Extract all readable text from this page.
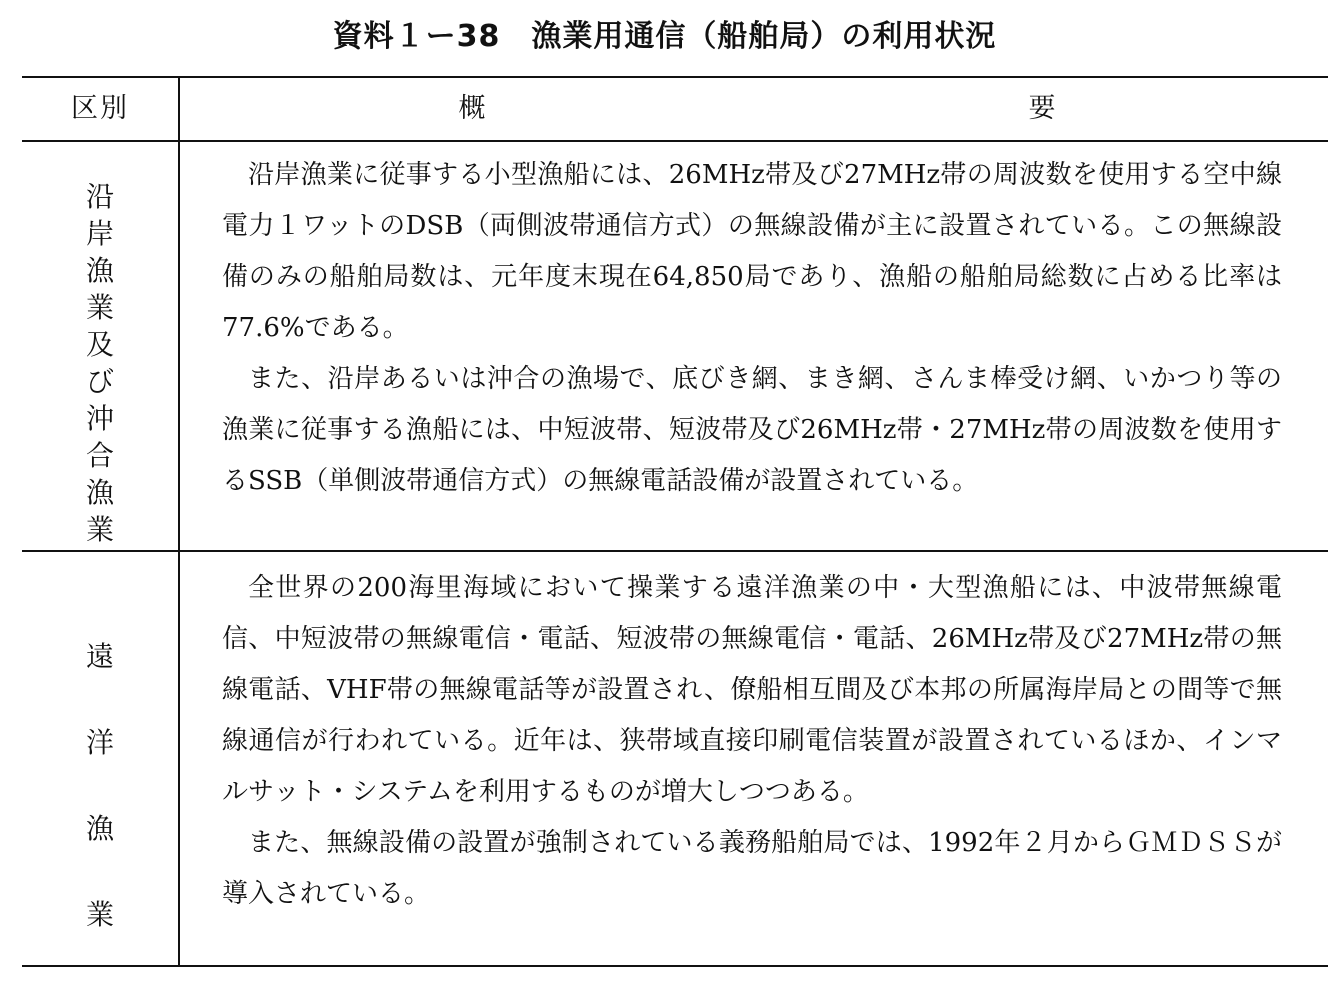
資料１ー38　漁業用通信（船舶局）の利用状況
区別	概	要
沿
岸
漁
業
及
び
沖
合
漁
業

沿岸漁業に従事する小型漁船には、26MHz帯及び27MHz帯の周波数を使用する空中線電力１ワットのDSB（両側波帯通信方式）の無線設備が主に設置されている。この無線設備のみの船舶局数は、元年度末現在64,850局であり、漁船の船舶局総数に占める比率は77.6%である。

また、沿岸あるいは沖合の漁場で、底びき網、まき網、さんま棒受け網、いかつり等の漁業に従事する漁船には、中短波帯、短波帯及び26MHz帯・27MHz帯の周波数を使用するSSB（単側波帯通信方式）の無線電話設備が設置されている。

遠
洋
漁
業

全世界の200海里海域において操業する遠洋漁業の中・大型漁船には、中波帯無線電信、中短波帯の無線電信・電話、短波帯の無線電信・電話、26MHz帯及び27MHz帯の無線電話、VHF帯の無線電話等が設置され、僚船相互間及び本邦の所属海岸局との間等で無線通信が行われている。近年は、狭帯域直接印刷電信装置が設置されているほか、インマルサット・システムを利用するものが増大しつつある。

また、無線設備の設置が強制されている義務船舶局では、1992年２月からＧＭＤＳＳが導入されている。
